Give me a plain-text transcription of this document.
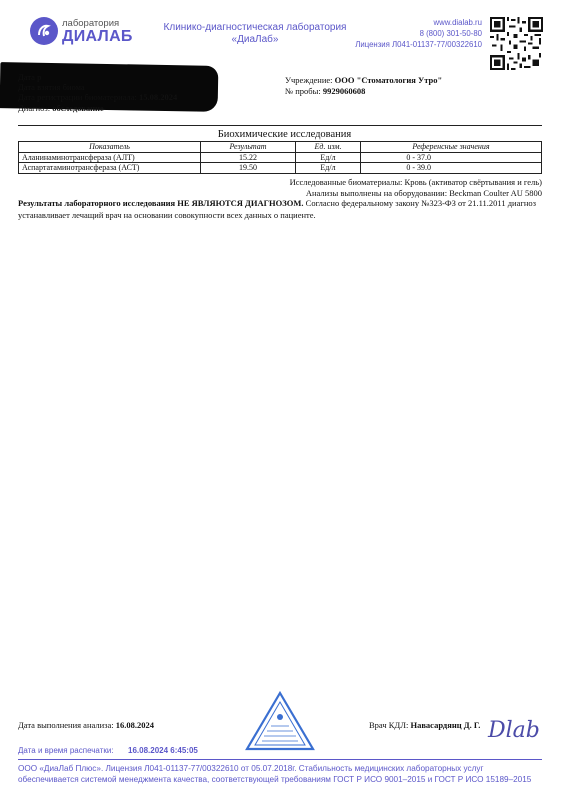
лаборатория
ДИАЛАБ
Клинико-диагностическая лаборатория
«ДиаЛаб»
www.dialab.ru
8 (800) 301-50-80
Лицензия Л041-01137-77/00322610
Дата р
Дата взятия биома
Дата регистрации биоматериала: 15.08.2024
Диагноз: обследование
Учреждение: ООО "Стоматология Утро"
№ пробы: 9929060608
Биохимические исследования
Показатель	Результат	Ед. изм.	Референсные значения
Аланинаминотрансфераза (АЛТ)	15.22	Ед/л	0 - 37.0
Аспартатаминотрансфераза (АСТ)	19.50	Ед/л	0 - 39.0
Исследованные биоматериалы: Кровь (активатор свёртывания и гель)
Анализы выполнены на оборудовании: Beckman Coulter AU 5800
Результаты лабораторного исследования НЕ ЯВЛЯЮТСЯ ДИАГНОЗОМ. Согласно федеральному закону №323-ФЗ от 21.11.2011 диагноз устанавливает лечащий врач на основании совокупности всех данных о пациенте.
Дата выполнения анализа: 16.08.2024	Врач КДЛ: Навасардянц Д. Г. Dlab
Дата и время распечатки: 16.08.2024 6:45:05
ООО «ДиаЛаб Плюс». Лицензия Л041-01137-77/00322610 от 05.07.2018г. Стабильность медицинских лабораторных услуг
обеспечивается системой менеджмента качества, соответствующей требованиям ГОСТ Р ИСО 9001–2015 и ГОСТ Р ИСО 15189–2015
